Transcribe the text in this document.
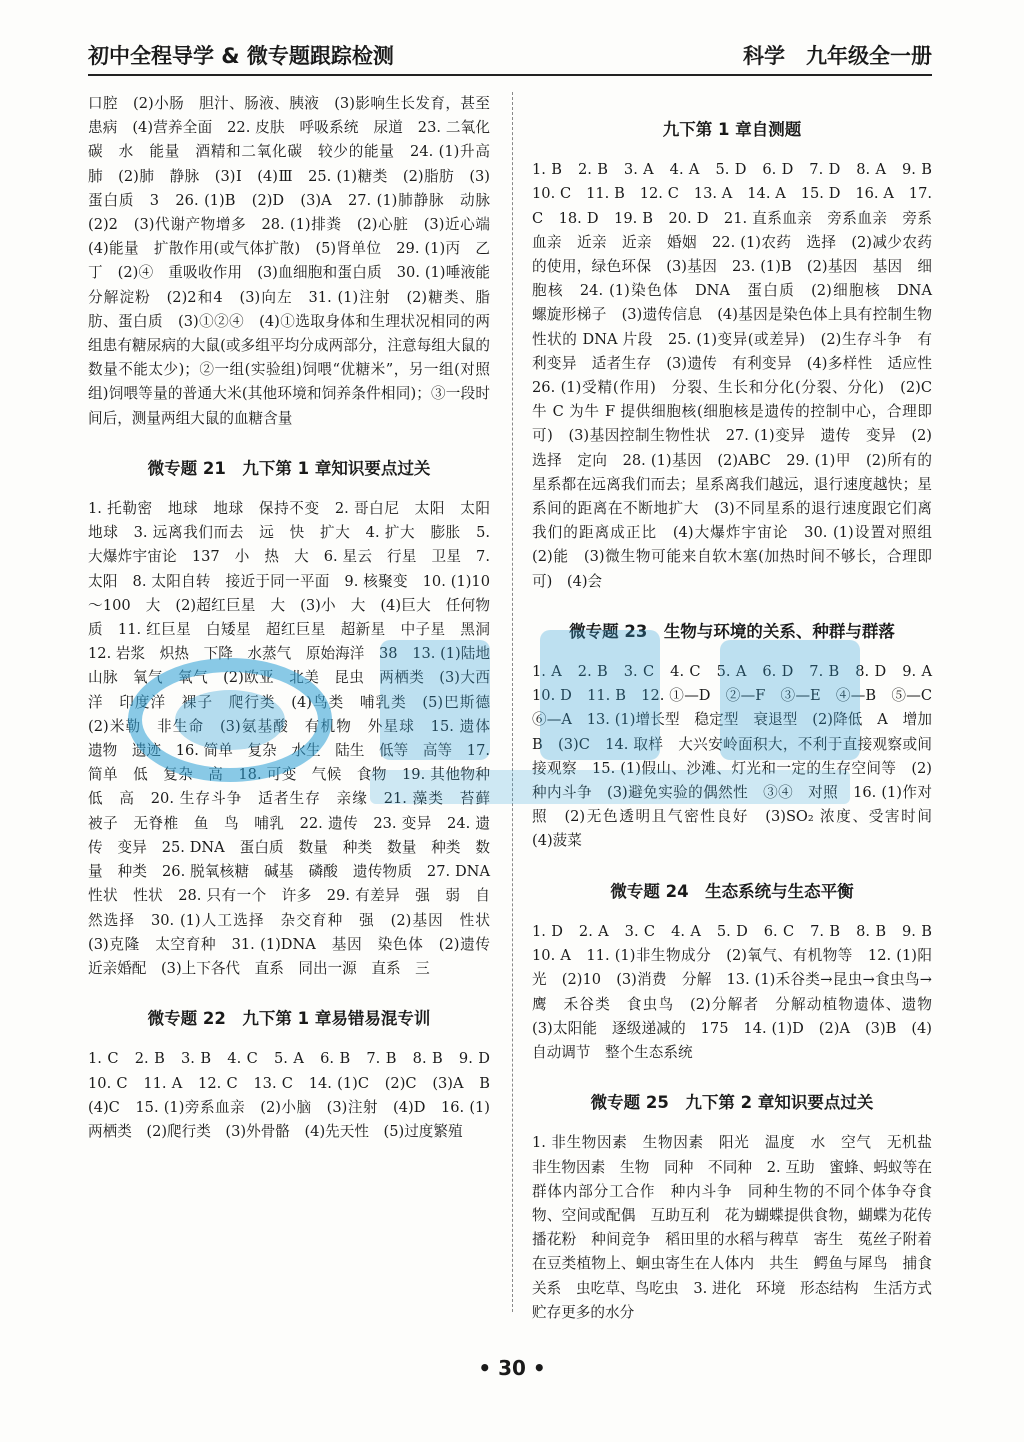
初中全程导学 & 微专题跟踪检测	科学　九年级全一册

口腔　(2)小肠　胆汁、肠液、胰液　(3)影响生长发育，甚至患病　(4)营养全面　22. 皮肤　呼吸系统　尿道　23. 二氧化碳　水　能量　酒精和二氧化碳　较少的能量　24. (1)升高　肺　(2)肺　静脉　(3)Ⅰ　(4)Ⅲ　25. (1)糖类　(2)脂肪　(3)蛋白质　3　26. (1)B　(2)D　(3)A　27. (1)肺静脉　动脉　(2)2　(3)代谢产物增多　28. (1)排粪　(2)心脏　(3)近心端　(4)能量　扩散作用(或气体扩散)　(5)肾单位　29. (1)丙　乙　丁　(2)④　重吸收作用　(3)血细胞和蛋白质　30. (1)唾液能分解淀粉　(2)2和4　(3)向左　31. (1)注射　(2)糖类、脂肪、蛋白质　(3)①②④　(4)①选取身体和生理状况相同的两组患有糖尿病的大鼠(或多组平均分成两部分，注意每组大鼠的数量不能太少)；②一组(实验组)饲喂“优糖米”，另一组(对照组)饲喂等量的普通大米(其他环境和饲养条件相同)；③一段时间后，测量两组大鼠的血糖含量

微专题 21　九下第 1 章知识要点过关

1. 托勒密　地球　地球　保持不变　2. 哥白尼　太阳　太阳　地球　3. 远离我们而去　远　快　扩大　4. 扩大　膨胀　5. 大爆炸宇宙论　137　小　热　大　6. 星云　行星　卫星　7. 太阳　8. 太阳自转　接近于同一平面　9. 核聚变　10. (1)10～100　大　(2)超红巨星　大　(3)小　大　(4)巨大　任何物质　11. 红巨星　白矮星　超红巨星　超新星　中子星　黑洞　12. 岩浆　炽热　下降　水蒸气　原始海洋　38　13. (1)陆地　山脉　氧气　氧气　(2)欧亚　北美　昆虫　两栖类　(3)大西洋　印度洋　裸子　爬行类　(4)鸟类　哺乳类　(5)巴斯德　(2)米勒　非生命　(3)氨基酸　有机物　外星球　15. 遗体　遗物　遗迹　16. 简单　复杂　水生　陆生　低等　高等　17. 简单　低　复杂　高　18. 可变　气候　食物　19. 其他物种　低　高　20. 生存斗争　适者生存　亲缘　21. 藻类　苔藓　被子　无脊椎　鱼　鸟　哺乳　22. 遗传　23. 变异　24. 遗传　变异　25. DNA　蛋白质　数量　种类　数量　种类　数量　种类　26. 脱氧核糖　碱基　磷酸　遗传物质　27. DNA　性状　性状　28. 只有一个　许多　29. 有差异　强　弱　自然选择　30. (1)人工选择　杂交育种　强　(2)基因　性状　(3)克隆　太空育种　31. (1)DNA　基因　染色体　(2)遗传　近亲婚配　(3)上下各代　直系　同出一源　直系　三

微专题 22　九下第 1 章易错易混专训

1. C　2. B　3. B　4. C　5. A　6. B　7. B　8. B　9. D　10. C　11. A　12. C　13. C　14. (1)C　(2)C　(3)A　B　(4)C　15. (1)旁系血亲　(2)小脑　(3)注射　(4)D　16. (1)两栖类　(2)爬行类　(3)外骨骼　(4)先天性　(5)过度繁殖

九下第 1 章自测题

1. B　2. B　3. A　4. A　5. D　6. D　7. D　8. A　9. B　10. C　11. B　12. C　13. A　14. A　15. D　16. A　17. C　18. D　19. B　20. D　21. 直系血亲　旁系血亲　旁系血亲　近亲　近亲　婚姻　22. (1)农药　选择　(2)减少农药的使用，绿色环保　(3)基因　23. (1)B　(2)基因　基因　细胞核　24. (1)染色体　DNA　蛋白质　(2)细胞核　DNA　螺旋形梯子　(3)遗传信息　(4)基因是染色体上具有控制生物性状的 DNA 片段　25. (1)变异(或差异)　(2)生存斗争　有利变异　适者生存　(3)遗传　有利变异　(4)多样性　适应性　26. (1)受精(作用)　分裂、生长和分化(分裂、分化)　(2)C　牛 C 为牛 F 提供细胞核(细胞核是遗传的控制中心，合理即可)　(3)基因控制生物性状　27. (1)变异　遗传　变异　(2)选择　定向　28. (1)基因　(2)ABC　29. (1)甲　(2)所有的星系都在远离我们而去；星系离我们越远，退行速度越快；星系间的距离在不断地扩大　(3)不同星系的退行速度跟它们离我们的距离成正比　(4)大爆炸宇宙论　30. (1)设置对照组　(2)能　(3)微生物可能来自软木塞(加热时间不够长，合理即可)　(4)会

微专题 23　生物与环境的关系、种群与群落

1. A　2. B　3. C　4. C　5. A　6. D　7. B　8. D　9. A　10. D　11. B　12. ①—D　②—F　③—E　④—B　⑤—C　⑥—A　13. (1)增长型　稳定型　衰退型　(2)降低　A　增加　B　(3)C　14. 取样　大兴安岭面积大，不利于直接观察或间接观察　15. (1)假山、沙滩、灯光和一定的生存空间等　(2)种内斗争　(3)避免实验的偶然性　③④　对照　16. (1)作对照　(2)无色透明且气密性良好　(3)SO₂ 浓度、受害时间　(4)菠菜

微专题 24　生态系统与生态平衡

1. D　2. A　3. C　4. A　5. D　6. C　7. B　8. B　9. B　10. A　11. (1)非生物成分　(2)氧气、有机物等　12. (1)阳光　(2)10　(3)消费　分解　13. (1)禾谷类→昆虫→食虫鸟→鹰　禾谷类　食虫鸟　(2)分解者　分解动植物遗体、遗物　(3)太阳能　逐级递减的　175　14. (1)D　(2)A　(3)B　(4)自动调节　整个生态系统

微专题 25　九下第 2 章知识要点过关

1. 非生物因素　生物因素　阳光　温度　水　空气　无机盐　非生物因素　生物　同种　不同种　2. 互助　蜜蜂、蚂蚁等在群体内部分工合作　种内斗争　同种生物的不同个体争夺食物、空间或配偶　互助互利　花为蝴蝶提供食物，蝴蝶为花传播花粉　种间竞争　稻田里的水稻与稗草　寄生　菟丝子附着在豆类植物上、蛔虫寄生在人体内　共生　鳄鱼与犀鸟　捕食关系　虫吃草、鸟吃虫　3. 进化　环境　形态结构　生活方式　贮存更多的水分

• 30 •
